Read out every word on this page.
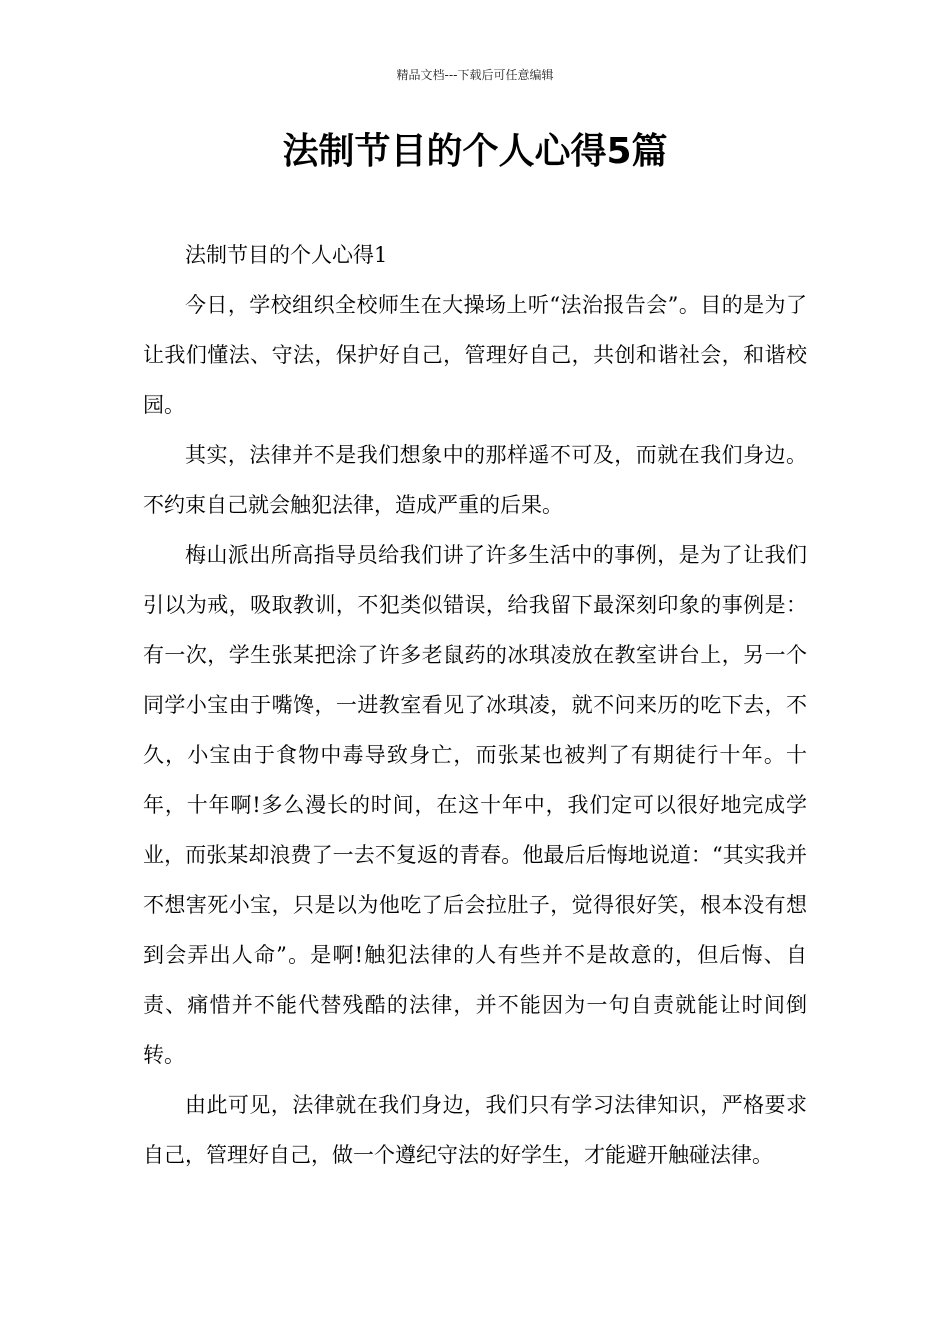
精品文档---下载后可任意编辑
法制节目的个人心得5篇

法制节目的个人心得1

今日，学校组织全校师生在大操场上听“法治报告会”。目的是为了让我们懂法、守法，保护好自己，管理好自己，共创和谐社会，和谐校园。

其实，法律并不是我们想象中的那样遥不可及，而就在我们身边。不约束自己就会触犯法律，造成严重的后果。

梅山派出所高指导员给我们讲了许多生活中的事例，是为了让我们引以为戒，吸取教训，不犯类似错误，给我留下最深刻印象的事例是：有一次，学生张某把涂了许多老鼠药的冰琪凌放在教室讲台上，另一个同学小宝由于嘴馋，一进教室看见了冰琪凌，就不问来历的吃下去，不久，小宝由于食物中毒导致身亡，而张某也被判了有期徒行十年。十年，十年啊!多么漫长的时间，在这十年中，我们定可以很好地完成学业，而张某却浪费了一去不复返的青春。他最后后悔地说道：“其实我并不想害死小宝，只是以为他吃了后会拉肚子，觉得很好笑，根本没有想到会弄出人命”。是啊!触犯法律的人有些并不是故意的，但后悔、自责、痛惜并不能代替残酷的法律，并不能因为一句自责就能让时间倒转。

由此可见，法律就在我们身边，我们只有学习法律知识，严格要求自己，管理好自己，做一个遵纪守法的好学生，才能避开触碰法律。
